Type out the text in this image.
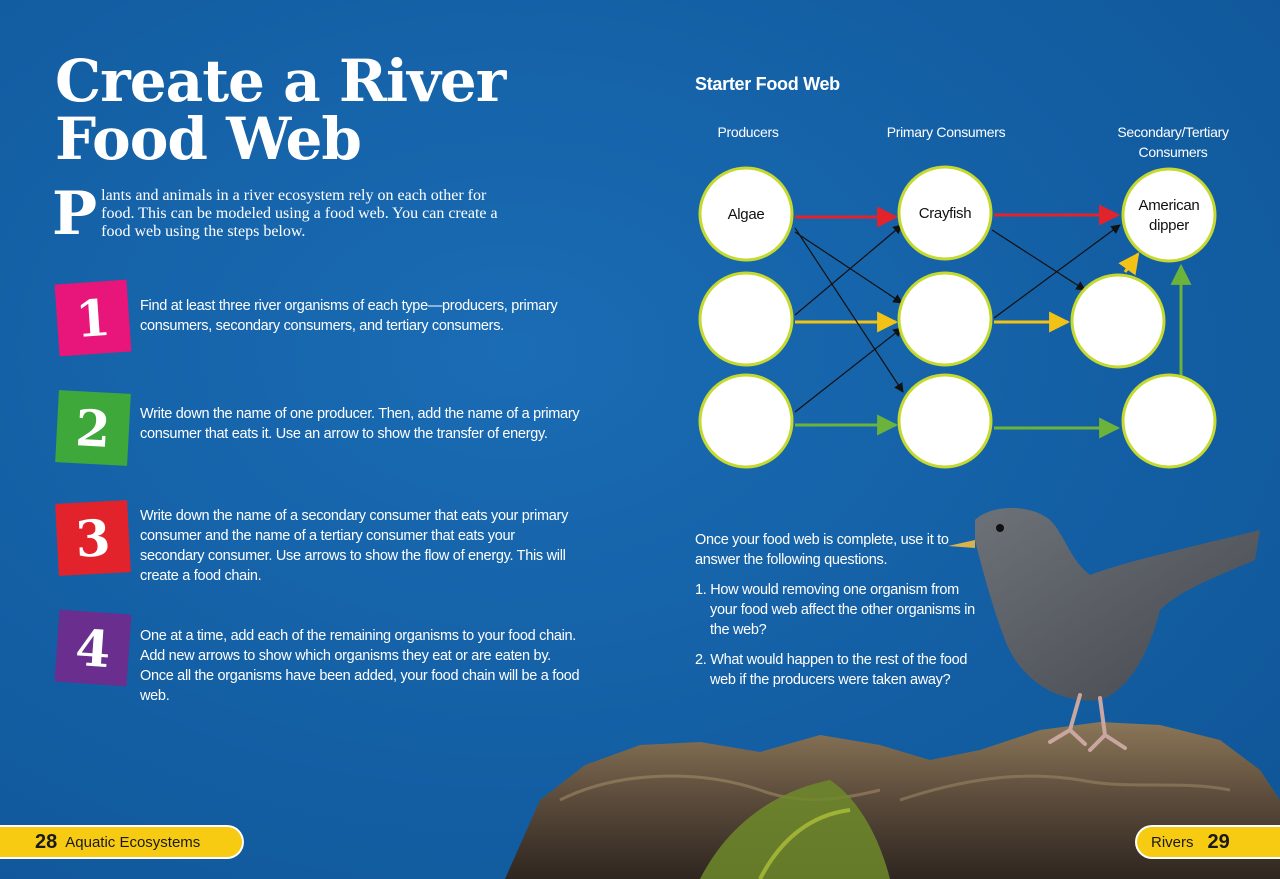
Create a River
Food Web
Plants and animals in a river ecosystem rely on each other for food. This can be modeled using a food web. You can create a food web using the steps below.
1	Find at least three river organisms of each type—producers, primary consumers, secondary consumers, and tertiary consumers.
2	Write down the name of one producer. Then, add the name of a primary consumer that eats it. Use an arrow to show the transfer of energy.
3	Write down the name of a secondary consumer that eats your primary consumer and the name of a tertiary consumer that eats your secondary consumer. Use arrows to show the flow of energy. This will create a food chain.
4	One at a time, add each of the remaining organisms to your food chain. Add new arrows to show which organisms they eat or are eaten by. Once all the organisms have been added, your food chain will be a food web.
Starter Food Web
Producers	Primary Consumers	Secondary/Tertiary
Consumers
Algae	Crayfish	American
dipper

Once your food web is complete, use it to answer the following questions.

1. How would removing one organism from your food web affect the other organisms in the web?
2. What would happen to the rest of the food web if the producers were taken away?
28 Aquatic Ecosystems	Rivers 29
